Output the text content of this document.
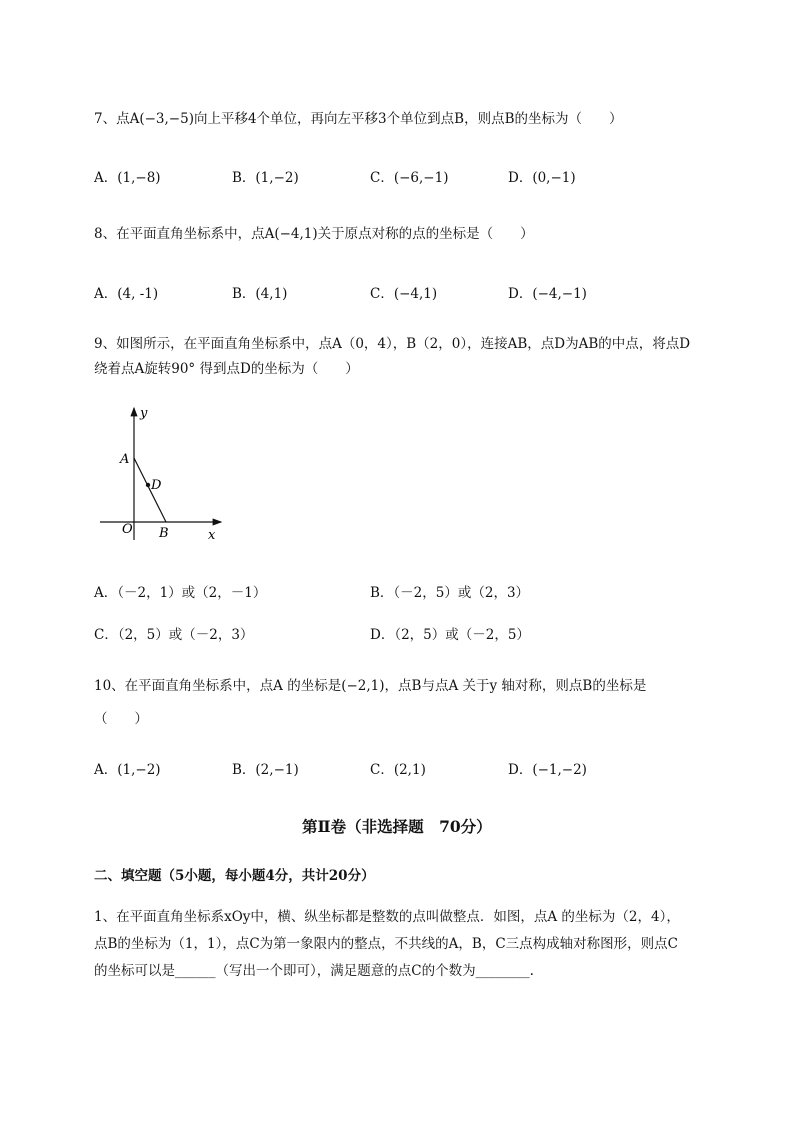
7、点A(−3,−5)向上平移4个单位，再向左平移3个单位到点B，则点B的坐标为（　　）
A．(1,−8)	B．(1,−2)	C．(−6,−1)	D．(0,−1)
8、在平面直角坐标系中，点A(−4,1)关于原点对称的点的坐标是（　　）
A．(4, -1)	B．(4,1)	C．(−4,1)	D．(−4,−1)
9、如图所示，在平面直角坐标系中，点A（0，4），B（2，0），连接AB，点D为AB的中点，将点D
绕着点A旋转90° 得到点D的坐标为（　　）
y
x
O
A
B
D
A．（－2，1）或（2，－1）	B．（－2，5）或（2，3）
C．（2，5）或（－2，3）	D．（2，5）或（－2，5）
10、在平面直角坐标系中，点A 的坐标是(−2,1)，点B与点A 关于y 轴对称，则点B的坐标是
（　　）
A．(1,−2)	B．(2,−1)	C．(2,1)	D．(−1,−2)
第Ⅱ卷（非选择题　70分）
二、填空题（5小题，每小题4分，共计20分）
1、在平面直角坐标系xOy中，横、纵坐标都是整数的点叫做整点．如图，点A 的坐标为（2，4），
点B的坐标为（1，1），点C为第一象限内的整点，不共线的A，B，C三点构成轴对称图形，则点C
的坐标可以是______（写出一个即可），满足题意的点C的个数为________.
